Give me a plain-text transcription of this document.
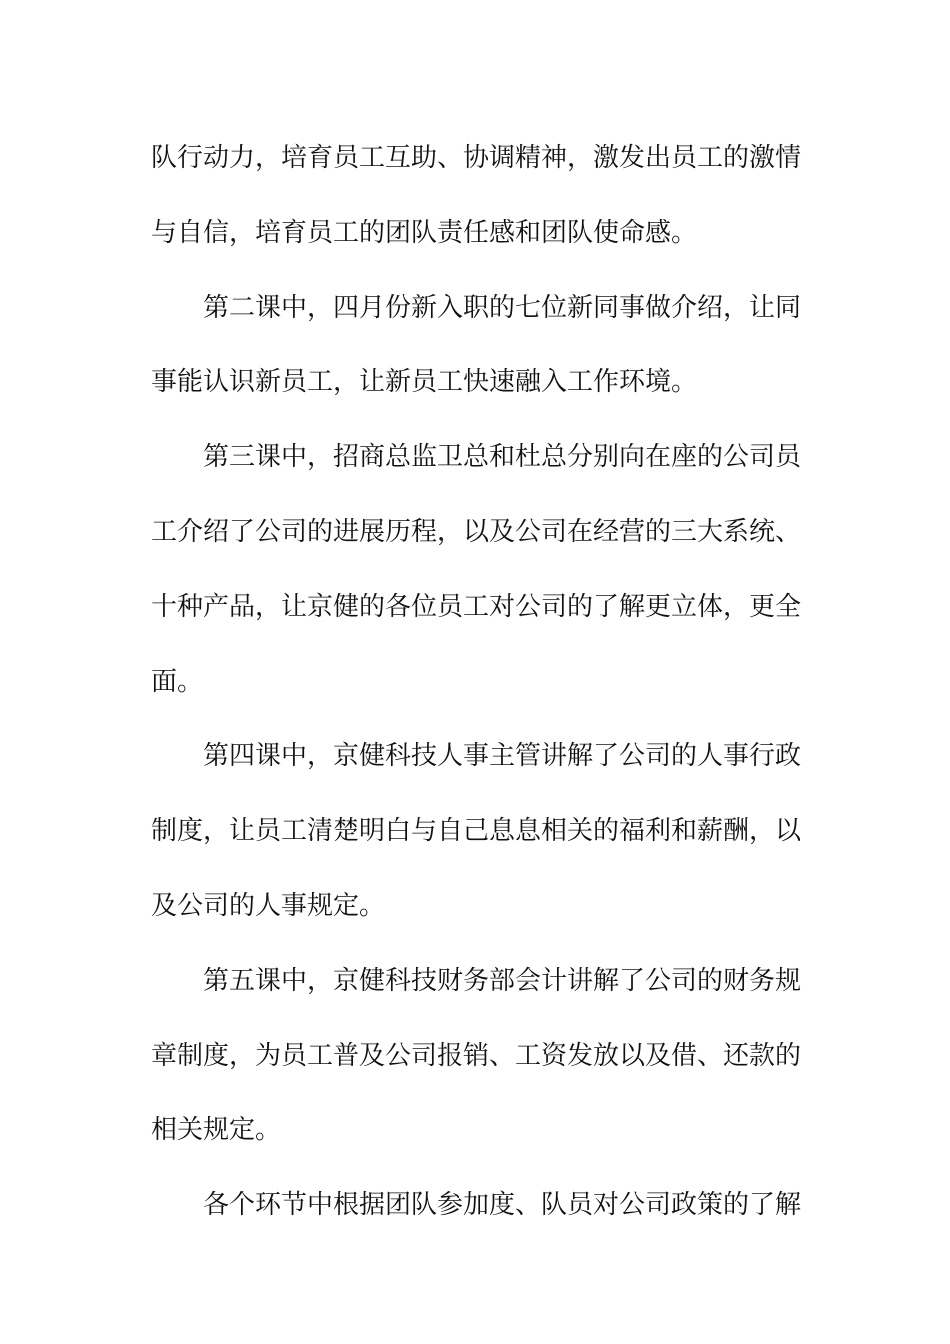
队行动力，培育员工互助、协调精神，激发出员工的激情
与自信，培育员工的团队责任感和团队使命感。
第二课中，四月份新入职的七位新同事做介绍，让同
事能认识新员工，让新员工快速融入工作环境。
第三课中，招商总监卫总和杜总分别向在座的公司员
工介绍了公司的进展历程，以及公司在经营的三大系统、
十种产品，让京健的各位员工对公司的了解更立体，更全
面。
第四课中，京健科技人事主管讲解了公司的人事行政
制度，让员工清楚明白与自己息息相关的福利和薪酬，以
及公司的人事规定。
第五课中，京健科技财务部会计讲解了公司的财务规
章制度，为员工普及公司报销、工资发放以及借、还款的
相关规定。
各个环节中根据团队参加度、队员对公司政策的了解
